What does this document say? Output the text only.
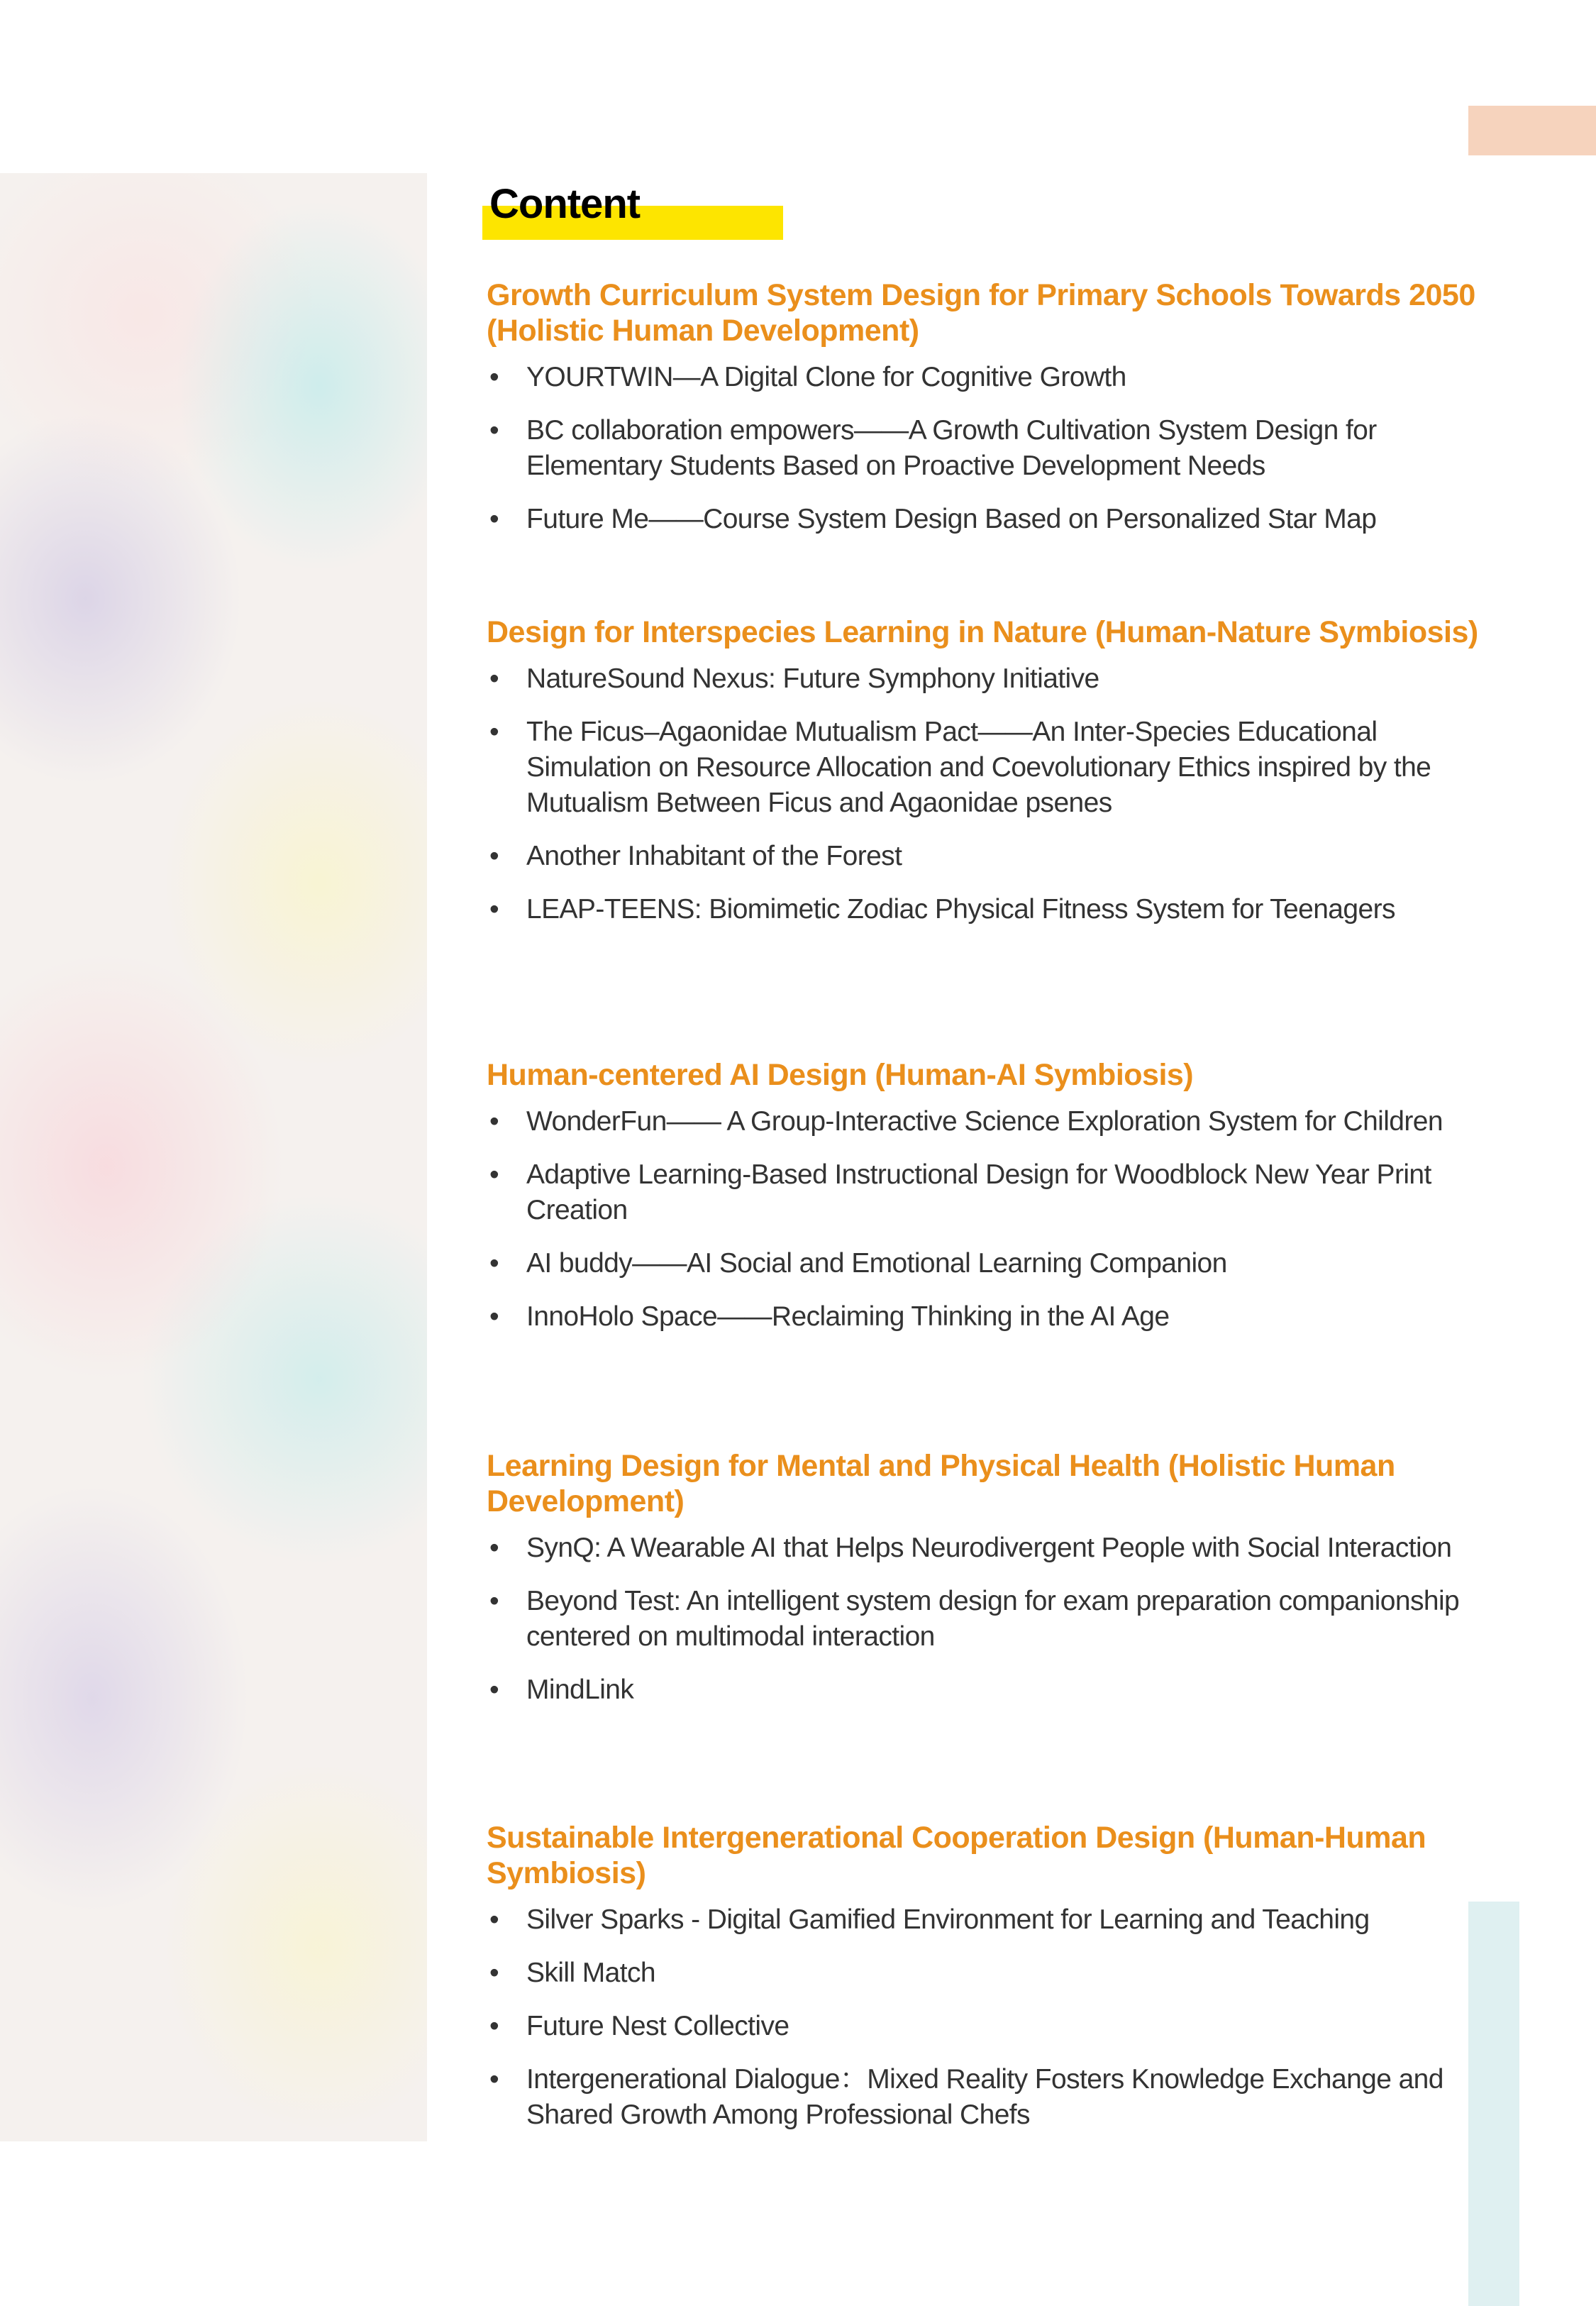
Content
Growth Curriculum System Design for Primary Schools Towards 2050 (Holistic Human Development)
• YOURTWIN—A Digital Clone for Cognitive Growth
• BC collaboration empowers——A Growth Cultivation System Design for Elementary Students Based on Proactive Development Needs
• Future Me——Course System Design Based on Personalized Star Map
Design for Interspecies Learning in Nature (Human-Nature Symbiosis)
• NatureSound Nexus: Future Symphony Initiative
• The Ficus–Agaonidae Mutualism Pact——An Inter-Species Educational Simulation on Resource Allocation and Coevolutionary Ethics inspired by the Mutualism Between Ficus and Agaonidae psenes
• Another Inhabitant of the Forest
• LEAP-TEENS: Biomimetic Zodiac Physical Fitness System for Teenagers
Human-centered AI Design (Human-AI Symbiosis)
• WonderFun—— A Group-Interactive Science Exploration System for Children
• Adaptive Learning-Based Instructional Design for Woodblock New Year Print Creation
• AI buddy——AI Social and Emotional Learning Companion
• InnoHolo Space——Reclaiming Thinking in the AI Age
Learning Design for Mental and Physical Health (Holistic Human Development)
• SynQ: A Wearable AI that Helps Neurodivergent People with Social Interaction
• Beyond Test: An intelligent system design for exam preparation companionship centered on multimodal interaction
• MindLink
Sustainable Intergenerational Cooperation Design (Human-Human Symbiosis)
• Silver Sparks - Digital Gamified Environment for Learning and Teaching
• Skill Match
• Future Nest Collective
• Intergenerational Dialogue：Mixed Reality Fosters Knowledge Exchange and Shared Growth Among Professional Chefs
